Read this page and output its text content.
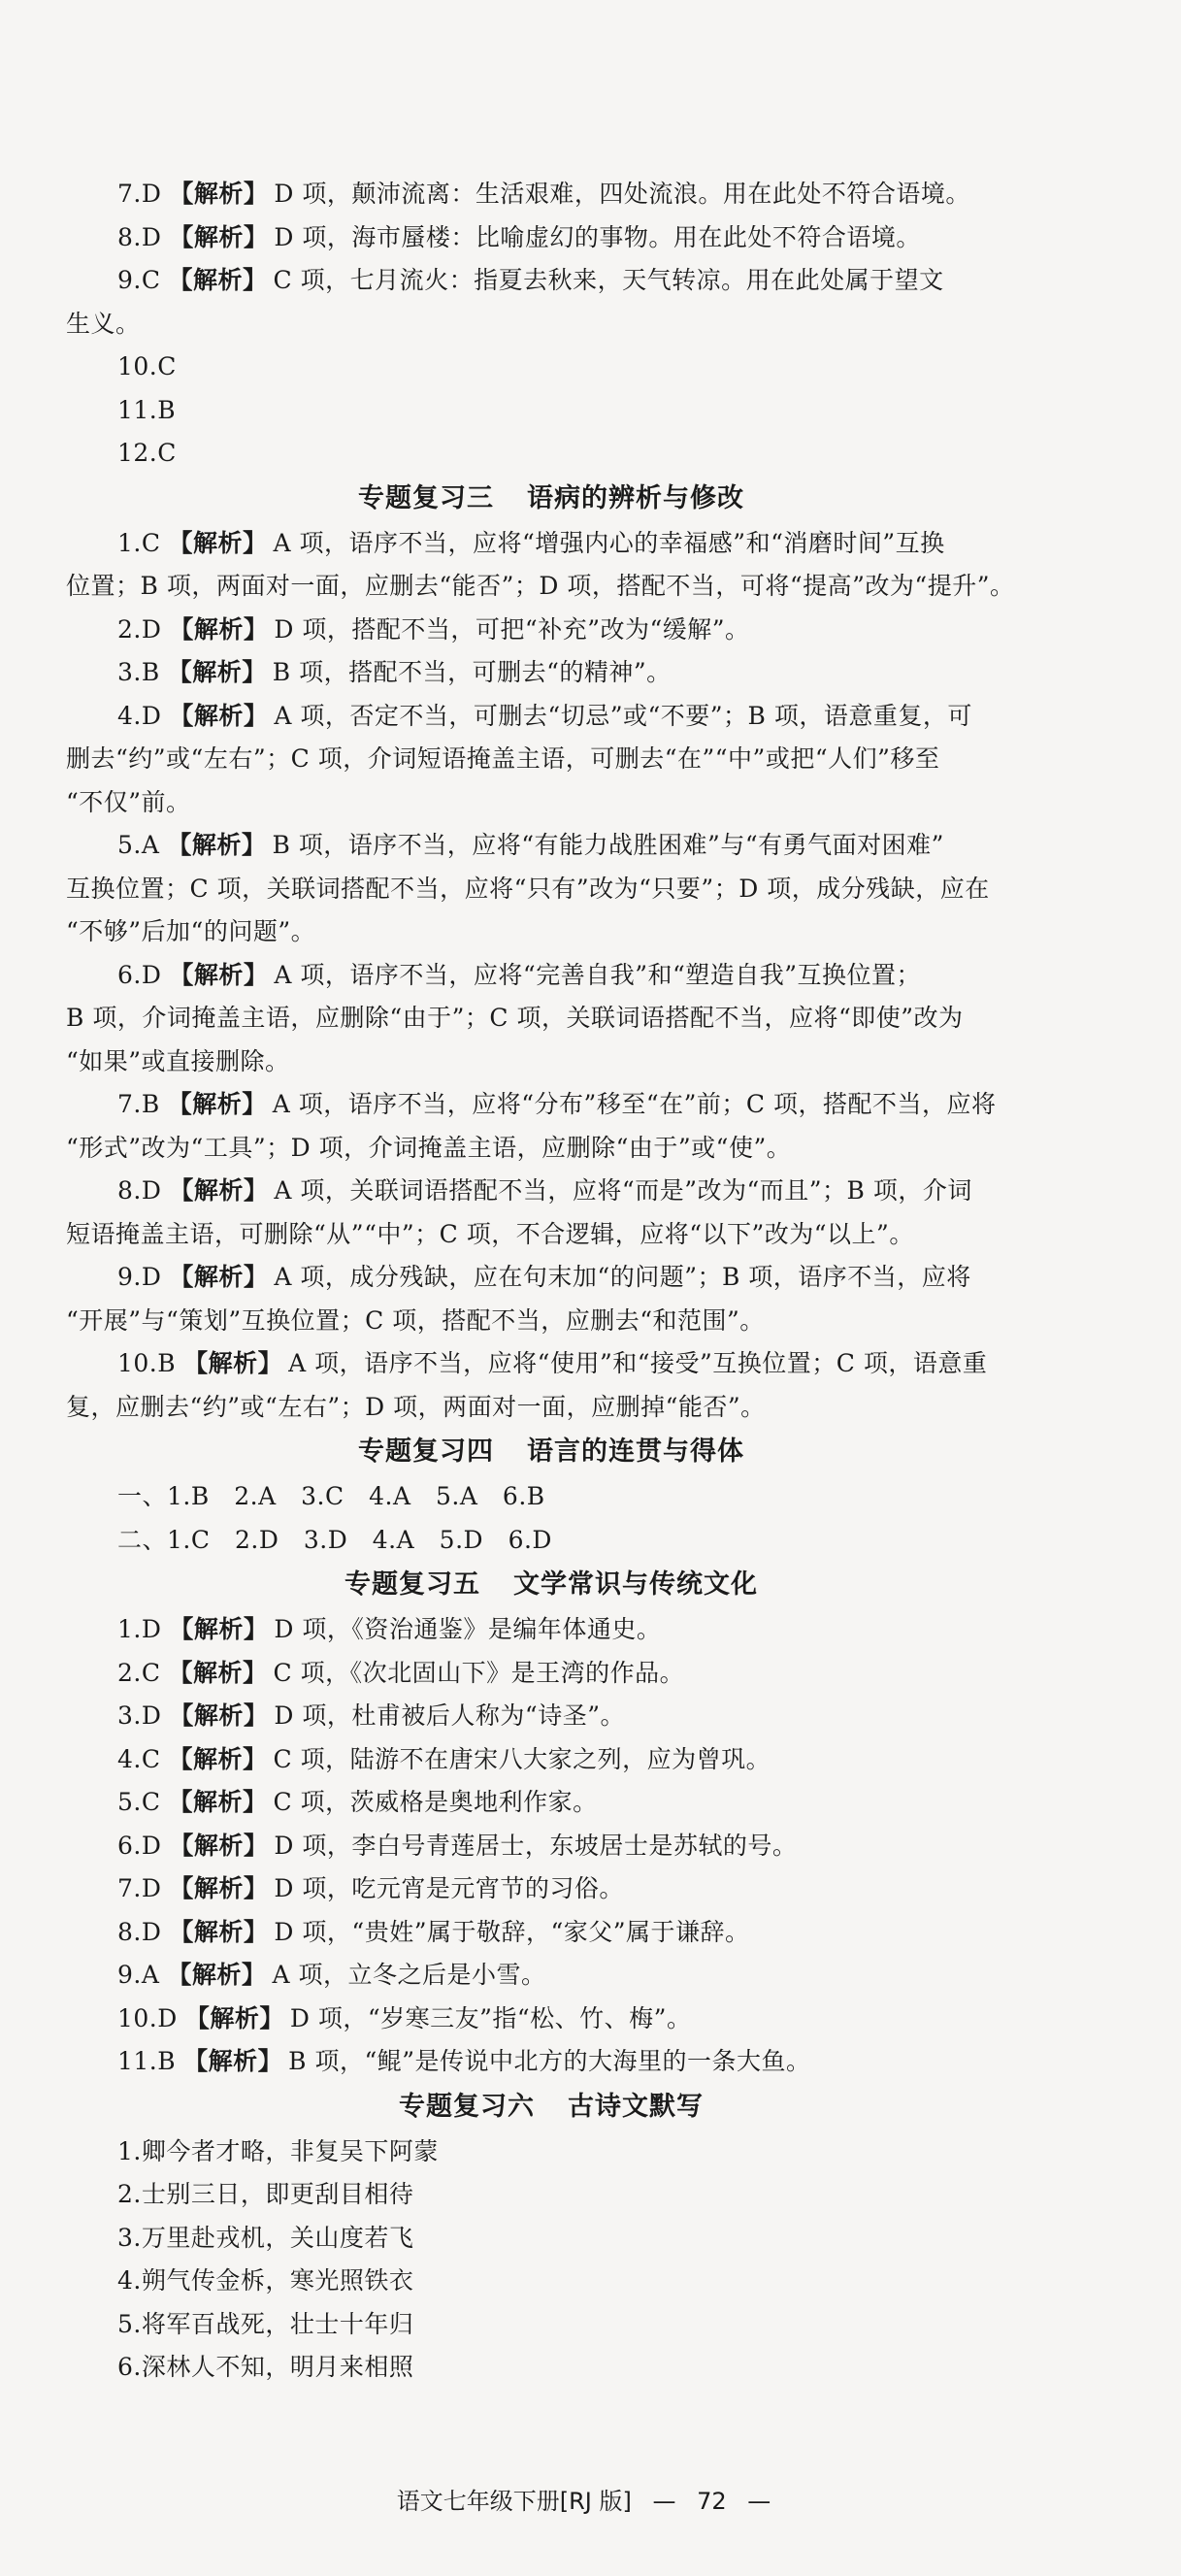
7.D 【解析】 D 项，颠沛流离：生活艰难，四处流浪。用在此处不符合语境。
8.D 【解析】 D 项，海市蜃楼：比喻虚幻的事物。用在此处不符合语境。
9.C 【解析】 C 项，七月流火：指夏去秋来，天气转凉。用在此处属于望文
生义。
10.C
11.B
12.C
专题复习三 语病的辨析与修改
1.C 【解析】 A 项，语序不当，应将“增强内心的幸福感”和“消磨时间”互换
位置；B 项，两面对一面，应删去“能否”；D 项，搭配不当，可将“提高”改为“提升”。
2.D 【解析】 D 项，搭配不当，可把“补充”改为“缓解”。
3.B 【解析】 B 项，搭配不当，可删去“的精神”。
4.D 【解析】 A 项，否定不当，可删去“切忌”或“不要”；B 项，语意重复，可
删去“约”或“左右”；C 项，介词短语掩盖主语，可删去“在”“中”或把“人们”移至
“不仅”前。
5.A 【解析】 B 项，语序不当，应将“有能力战胜困难”与“有勇气面对困难”
互换位置；C 项，关联词搭配不当，应将“只有”改为“只要”；D 项，成分残缺，应在
“不够”后加“的问题”。
6.D 【解析】 A 项，语序不当，应将“完善自我”和“塑造自我”互换位置；
B 项，介词掩盖主语，应删除“由于”；C 项，关联词语搭配不当，应将“即使”改为
“如果”或直接删除。
7.B 【解析】 A 项，语序不当，应将“分布”移至“在”前；C 项，搭配不当，应将
“形式”改为“工具”；D 项，介词掩盖主语，应删除“由于”或“使”。
8.D 【解析】 A 项，关联词语搭配不当，应将“而是”改为“而且”；B 项，介词
短语掩盖主语，可删除“从”“中”；C 项，不合逻辑，应将“以下”改为“以上”。
9.D 【解析】 A 项，成分残缺，应在句末加“的问题”；B 项，语序不当，应将
“开展”与“策划”互换位置；C 项，搭配不当，应删去“和范围”。
10.B 【解析】 A 项，语序不当，应将“使用”和“接受”互换位置；C 项，语意重
复，应删去“约”或“左右”；D 项，两面对一面，应删掉“能否”。
专题复习四 语言的连贯与得体
一、1.B　2.A　3.C　4.A　5.A　6.B
二、1.C　2.D　3.D　4.A　5.D　6.D
专题复习五 文学常识与传统文化
1.D 【解析】 D 项，《资治通鉴》是编年体通史。
2.C 【解析】 C 项，《次北固山下》是王湾的作品。
3.D 【解析】 D 项，杜甫被后人称为“诗圣”。
4.C 【解析】 C 项，陆游不在唐宋八大家之列，应为曾巩。
5.C 【解析】 C 项，茨威格是奥地利作家。
6.D 【解析】 D 项，李白号青莲居士，东坡居士是苏轼的号。
7.D 【解析】 D 项，吃元宵是元宵节的习俗。
8.D 【解析】 D 项，“贵姓”属于敬辞，“家父”属于谦辞。
9.A 【解析】 A 项，立冬之后是小雪。
10.D 【解析】 D 项，“岁寒三友”指“松、竹、梅”。
11.B 【解析】 B 项，“鲲”是传说中北方的大海里的一条大鱼。
专题复习六 古诗文默写
1.卿今者才略，非复吴下阿蒙
2.士别三日，即更刮目相待
3.万里赴戎机，关山度若飞
4.朔气传金柝，寒光照铁衣
5.将军百战死，壮士十年归
6.深林人不知，明月来相照
语文七年级下册[RJ 版] — 72 —
